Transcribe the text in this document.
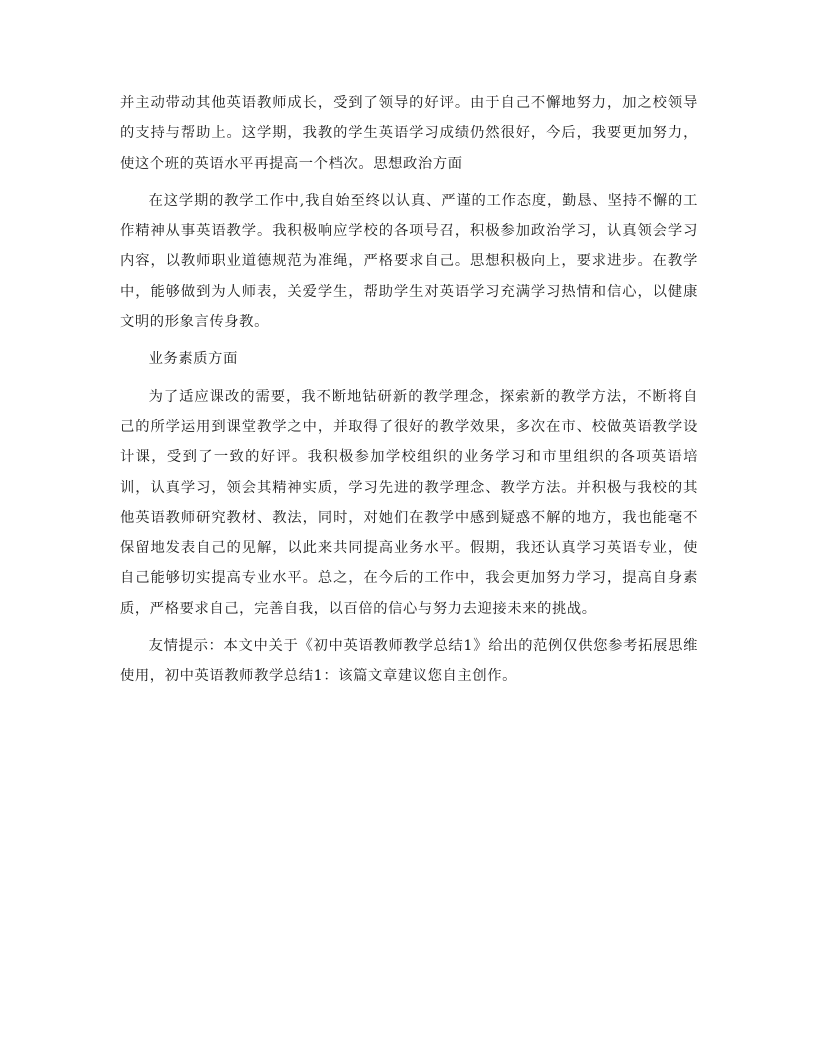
并主动带动其他英语教师成长，受到了领导的好评。由于自己不懈地努力，加之校领导的支持与帮助上。这学期，我教的学生英语学习成绩仍然很好，今后，我要更加努力，使这个班的英语水平再提高一个档次。思想政治方面

在这学期的教学工作中,我自始至终以认真、严谨的工作态度，勤恳、坚持不懈的工作精神从事英语教学。我积极响应学校的各项号召，积极参加政治学习，认真领会学习内容，以教师职业道德规范为准绳，严格要求自己。思想积极向上，要求进步。在教学中，能够做到为人师表，关爱学生，帮助学生对英语学习充满学习热情和信心，以健康文明的形象言传身教。

业务素质方面

为了适应课改的需要，我不断地钻研新的教学理念，探索新的教学方法，不断将自己的所学运用到课堂教学之中，并取得了很好的教学效果，多次在市、校做英语教学设计课，受到了一致的好评。我积极参加学校组织的业务学习和市里组织的各项英语培训，认真学习，领会其精神实质，学习先进的教学理念、教学方法。并积极与我校的其他英语教师研究教材、教法，同时，对她们在教学中感到疑惑不解的地方，我也能毫不保留地发表自己的见解，以此来共同提高业务水平。假期，我还认真学习英语专业，使自己能够切实提高专业水平。总之，在今后的工作中，我会更加努力学习，提高自身素质，严格要求自己，完善自我，以百倍的信心与努力去迎接未来的挑战。

友情提示：本文中关于《初中英语教师教学总结1》给出的范例仅供您参考拓展思维使用，初中英语教师教学总结1：该篇文章建议您自主创作。
